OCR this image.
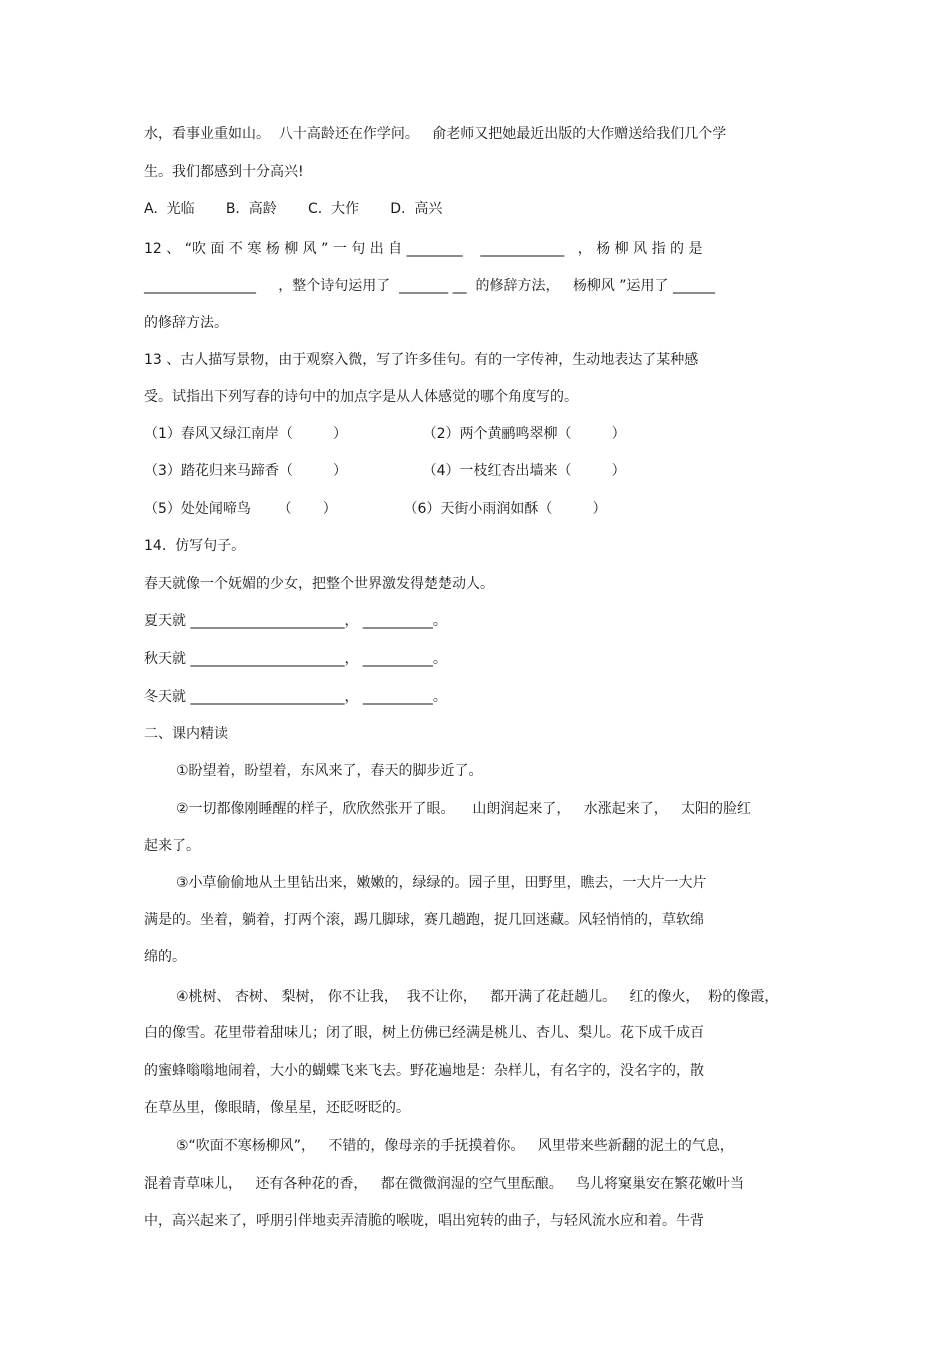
水，看事业重如山。  八十高龄还在作学问。   俞老师又把她最近出版的大作赠送给我们几个学
生。我们都感到十分高兴!
A.  光临       B.  高龄       C.  大作       D.  高兴
12 、 “吹 面 不 寒 杨 柳 风 ” 一 句 出 自 ________    ____________   ， 杨 柳 风 指 的 是
________________     ，整个诗句运用了  _______ __  的修辞方法，   杨柳风 ”运用了 ______
的修辞方法。
13 、古人描写景物，由于观察入微，写了许多佳句。有的一字传神，生动地表达了某种感
受。试指出下列写春的诗句中的加点字是从人体感觉的哪个角度写的。
（1）春风又绿江南岸（         ）                 （2）两个黄鹂鸣翠柳（         ）
（3）踏花归来马蹄香（         ）                 （4）一枝红杏出墙来（         ）
（5）处处闻啼鸟      （       ）               （6）天街小雨润如酥（         ）
14.  仿写句子。
春天就像一个妩媚的少女，把整个世界激发得楚楚动人。
夏天就 ______________________， __________。
秋天就 ______________________， __________。
冬天就 ______________________， __________。
二、课内精读
①盼望着，盼望着，东风来了，春天的脚步近了。
②一切都像刚睡醒的样子，欣欣然张开了眼。    山朗润起来了，   水涨起来了，   太阳的脸红
起来了。
③小草偷偷地从土里钻出来，嫩嫩的，绿绿的。园子里，田野里，瞧去，一大片一大片
满是的。坐着，躺着，打两个滚，踢几脚球，赛几趟跑，捉几回迷藏。风轻悄悄的，草软绵
绵的。
④桃树、 杏树、 梨树， 你不让我，  我不让你，   都开满了花赶趟儿。   红的像火，  粉的像霞，
白的像雪。花里带着甜味儿；闭了眼，树上仿佛已经满是桃儿、杏儿、梨儿。花下成千成百
的蜜蜂嗡嗡地闹着，大小的蝴蝶飞来飞去。野花遍地是：杂样儿，有名字的，没名字的，散
在草丛里，像眼睛，像星星，还眨呀眨的。
⑤“吹面不寒杨柳风”，   不错的，像母亲的手抚摸着你。   风里带来些新翻的泥土的气息，
混着青草味儿，   还有各种花的香，   都在微微润湿的空气里酝酿。   鸟儿将窠巢安在繁花嫩叶当
中，高兴起来了，呼朋引伴地卖弄清脆的喉咙，唱出宛转的曲子，与轻风流水应和着。牛背
